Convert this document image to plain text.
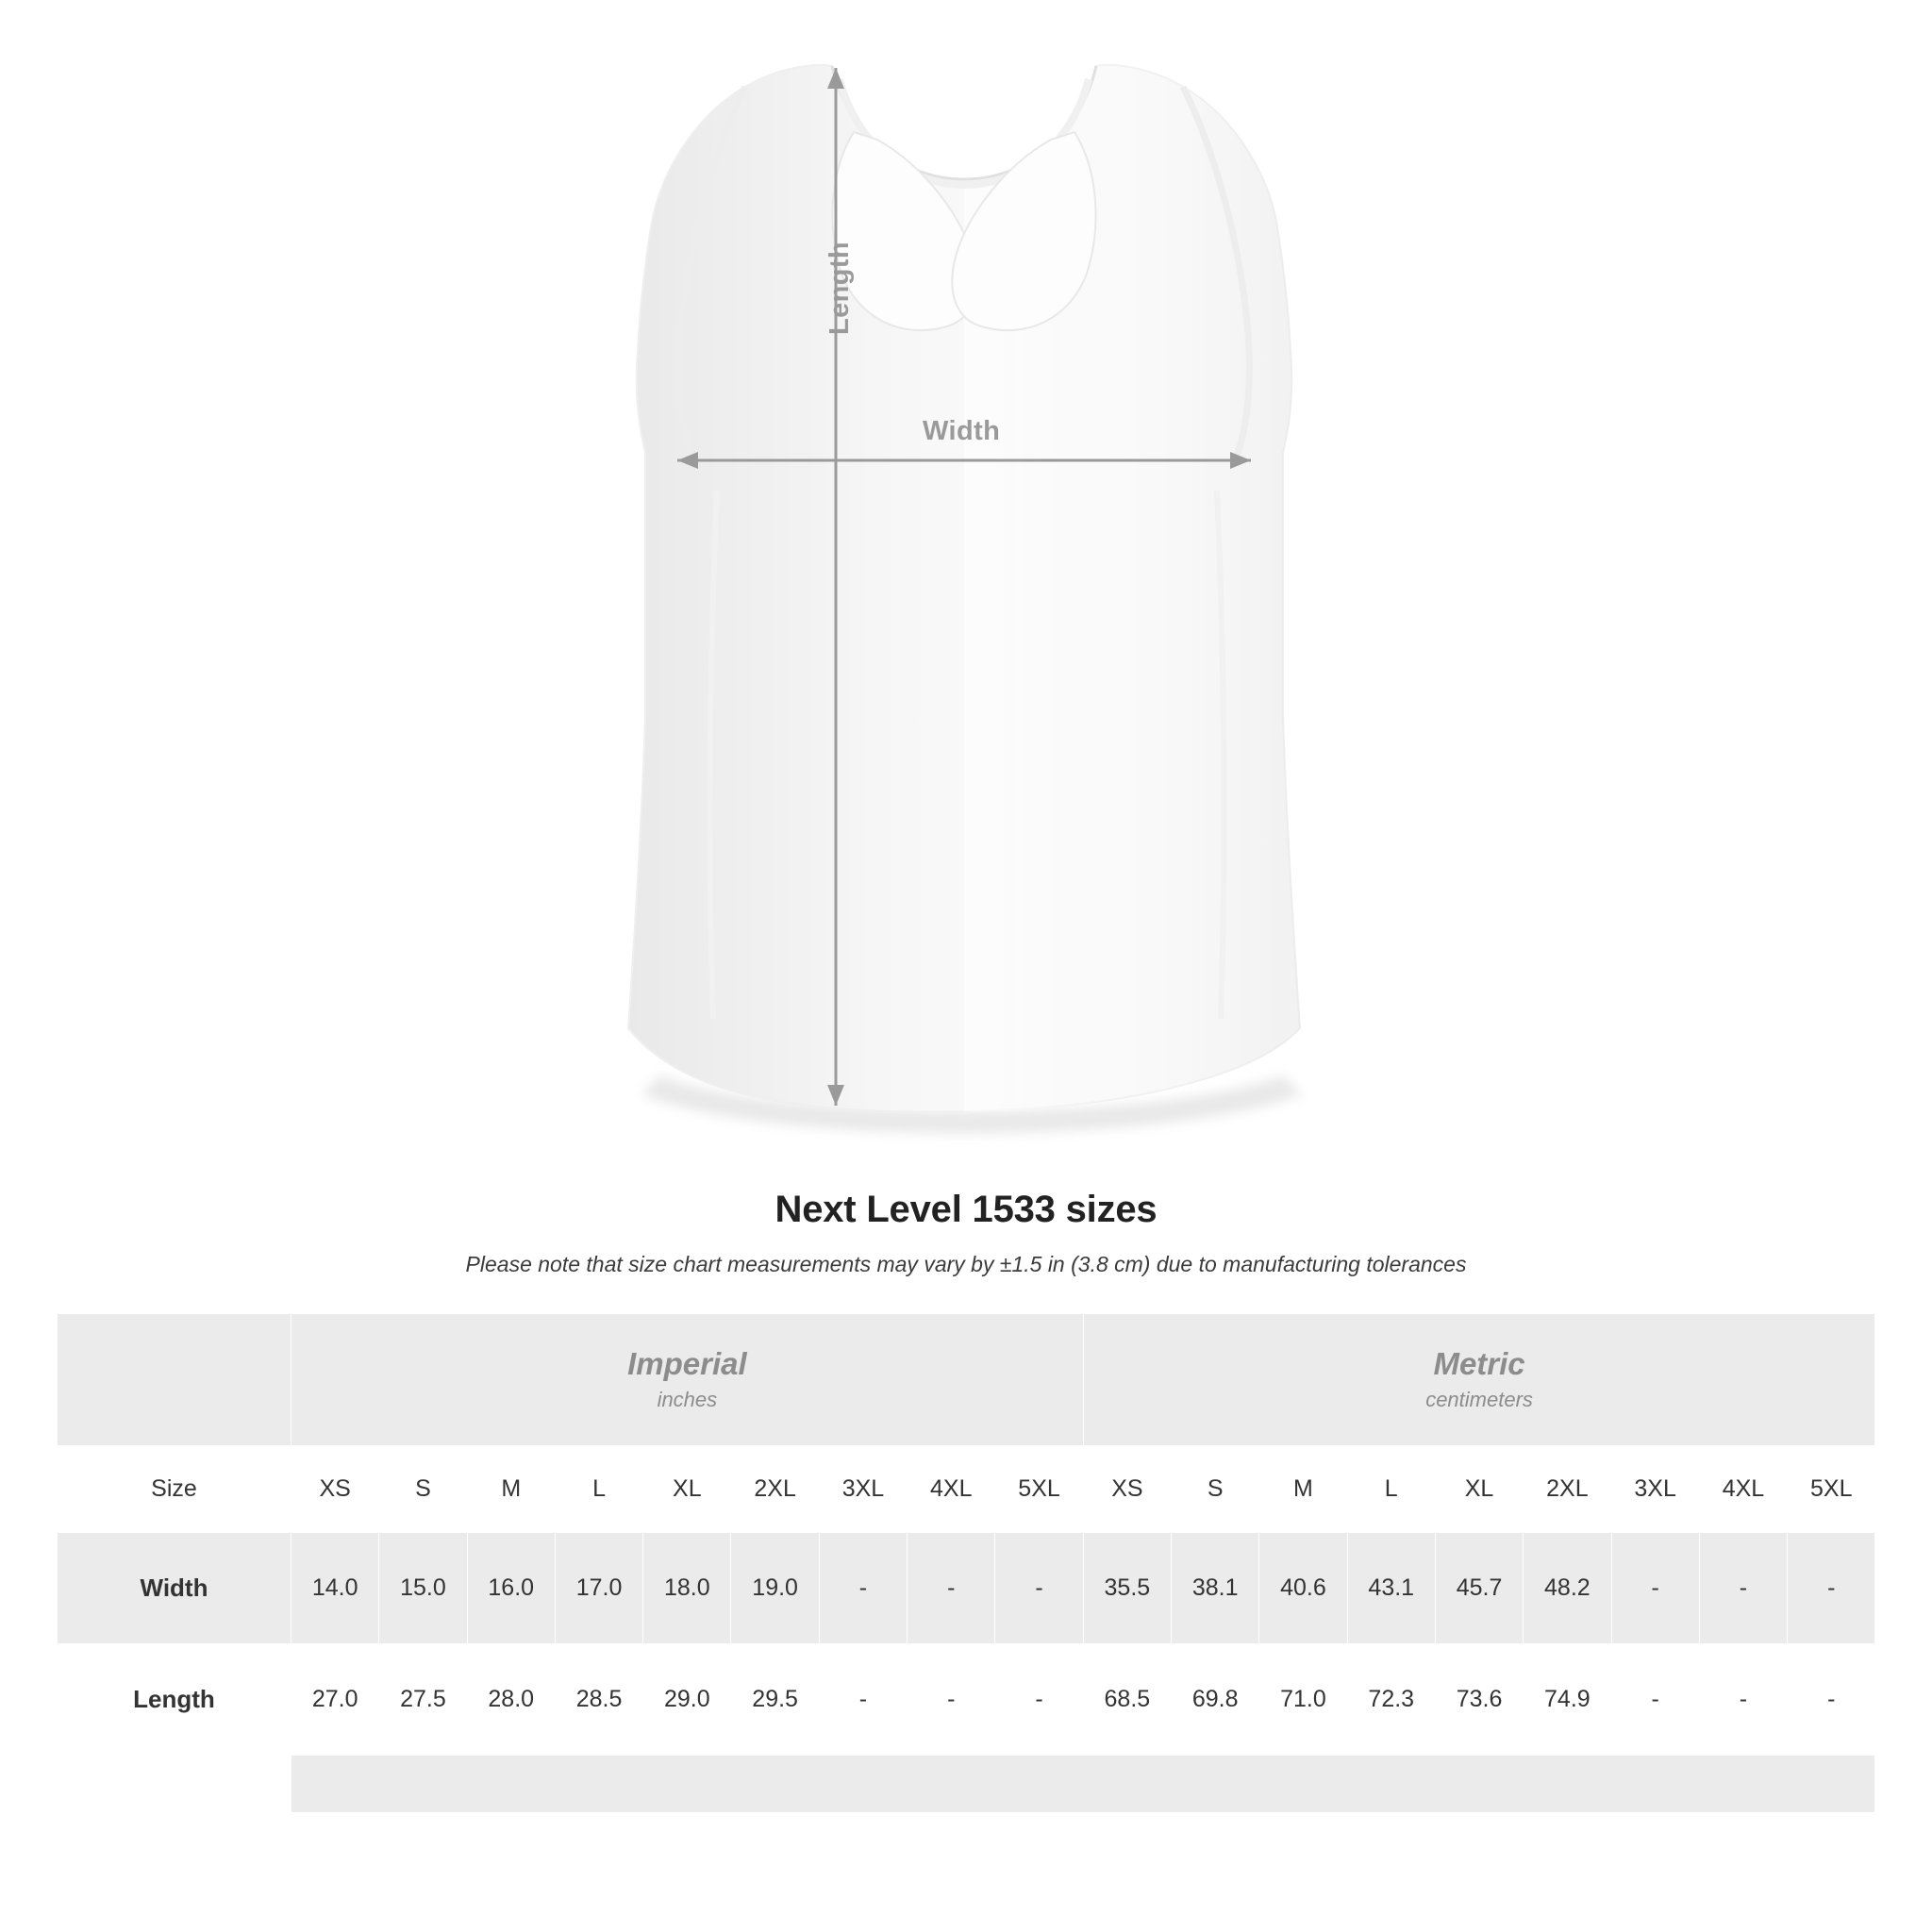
Width
Length
Next Level 1533 sizes

Please note that size chart measurements may vary by ±1.5 in (3.8 cm) due to manufacturing tolerances

Imperial
inches

Metric
centimeters

Size	XS	S	M	L	XL	2XL	3XL	4XL	5XL	XS	S	M	L	XL	2XL	3XL	4XL	5XL
Width	14.0	15.0	16.0	17.0	18.0	19.0	-	-	-	35.5	38.1	40.6	43.1	45.7	48.2	-	-	-
Length	27.0	27.5	28.0	28.5	29.0	29.5	-	-	-	68.5	69.8	71.0	72.3	73.6	74.9	-	-	-
